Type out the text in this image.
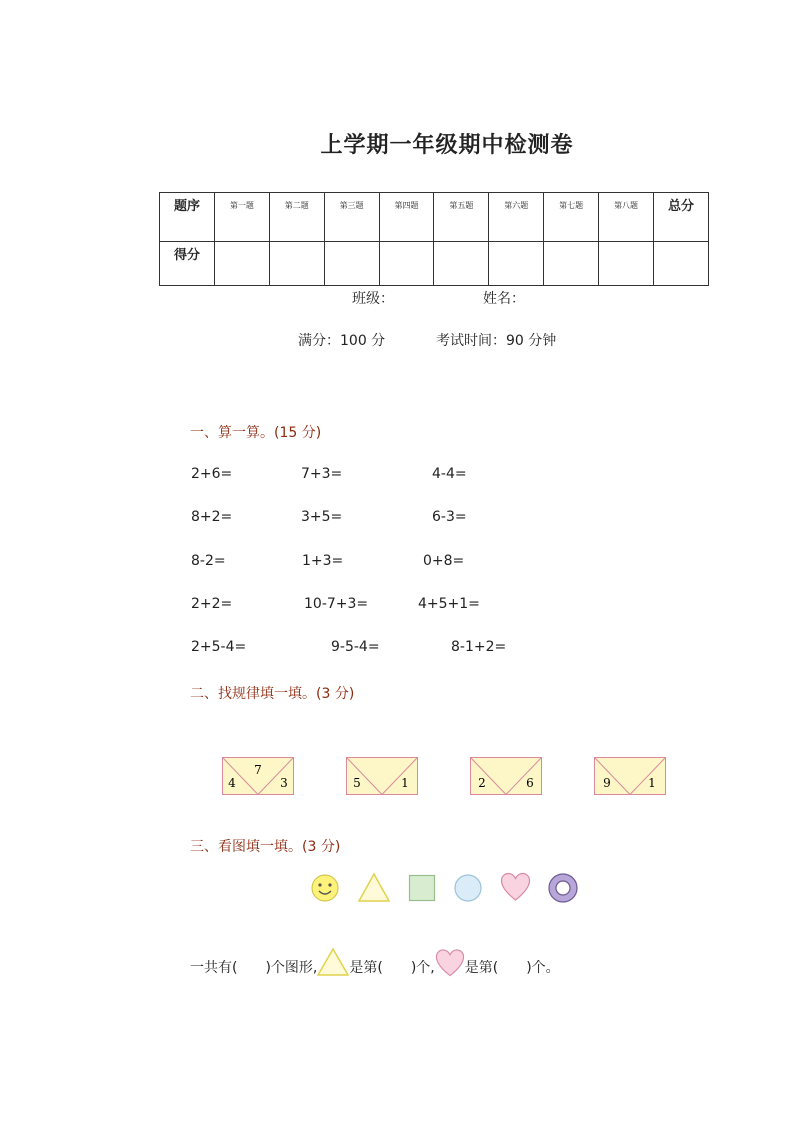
上学期一年级期中检测卷
题序	第一题	第二题	第三题	第四题	第五题	第六题	第七题	第八题	总分
得分									
班级：	姓名：
满分：100 分	考试时间：90 分钟
一、算一算。(15 分)
2+6=	7+3=	4-4=
8+2=	3+5=	6-3=
8-2=	1+3=	0+8=
2+2=	10-7+3=	4+5+1=
2+5-4=	9-5-4=	8-1+2=
二、找规律填一填。(3 分)
4
7
3	5	1	2	6	9	1
三、看图填一填。(3 分)
一共有(　　)个图形, 是第(　　)个, 是第(　　)个。
